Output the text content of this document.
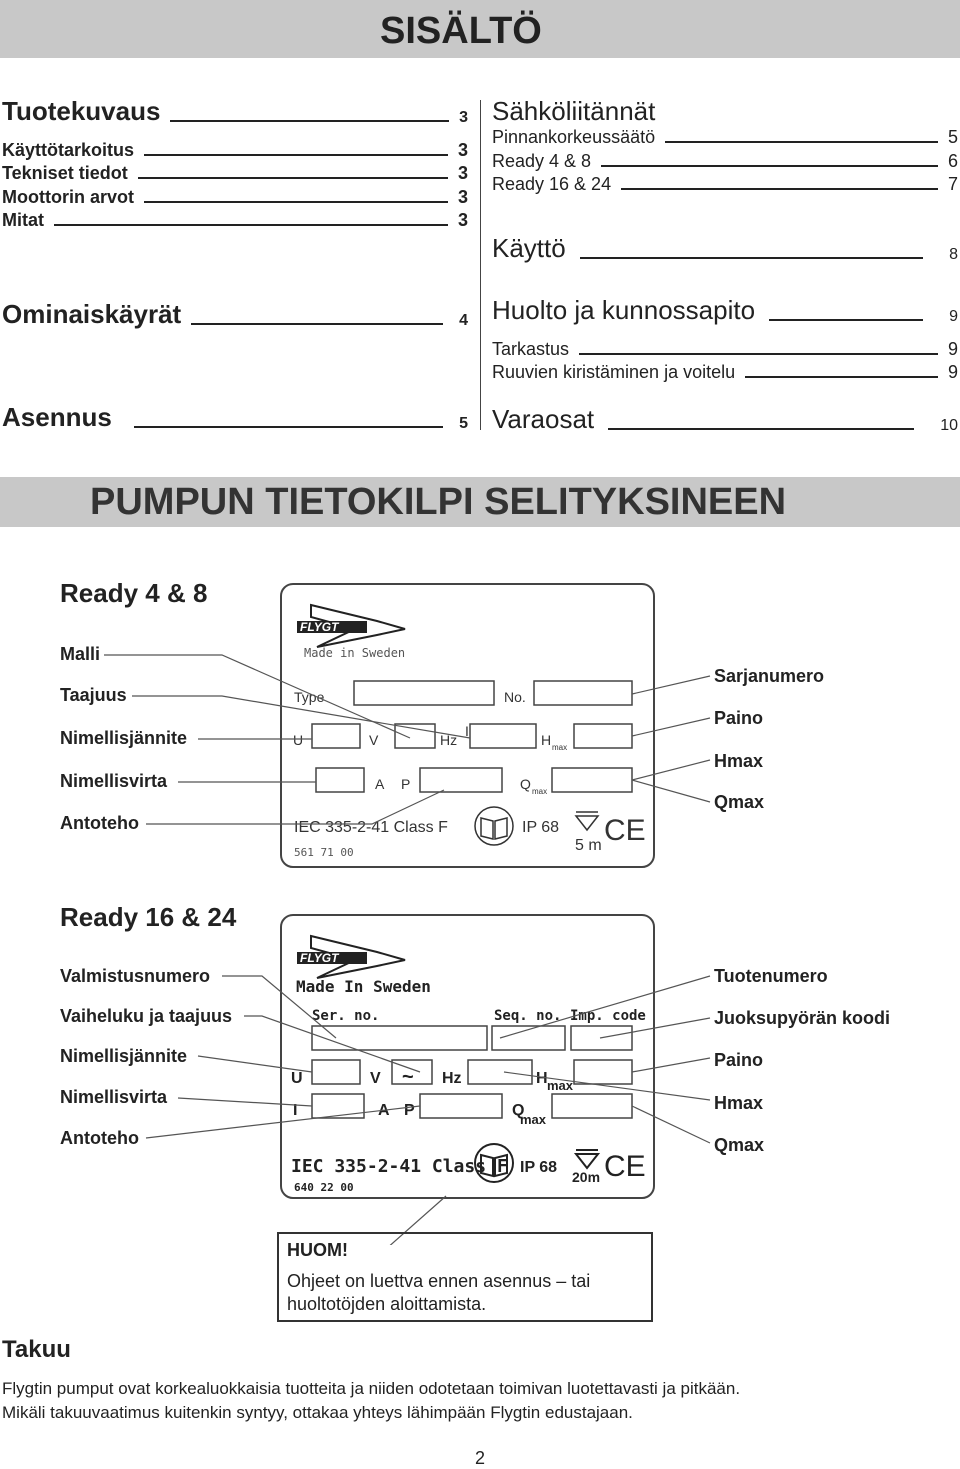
SISÄLTÖ
Tuotekuvaus	3
Käyttötarkoitus	3
Tekniset tiedot	3
Moottorin arvot	3
Mitat	3
Ominaiskäyrät	4
Asennus	5
Sähköliitännät
Pinnankorkeussäätö	5
Ready 4 & 8	6
Ready 16 & 24	7
Käyttö	8
Huolto ja kunnossapito	9
Tarkastus	9
Ruuvien kiristäminen ja voitelu	9
Varaosat	10
PUMPUN TIETOKILPI SELITYKSINEEN
Ready 4 & 8
Malli
Taajuus
Nimellisjännite
Nimellisvirta
Antoteho
Sarjanumero
Paino
Hmax
Qmax
FLYGT
Made in Sweden
Type	No.
U	V	Hz
I
H max
A P	Q max
IEC 335-2-41 Class F	IP 68
5 m CE
561 71 00
Ready 16 & 24
Valmistusnumero
Vaiheluku ja taajuus
Nimellisjännite
Nimellisvirta
Antoteho
Tuotenumero
Juoksupyörän koodi
Paino
Hmax
Qmax
FLYGT
Made In Sweden
Ser. no.	Seq. no. Imp. code
U	V ~ Hz	H max
I	A P	Q
max
IEC 335-2-41 Class F IP 68
20m CE
640 22 00
HUOM!
Ohjeet on luettva ennen asennus – tai
huoltotöjden aloittamista.
Takuu
Flygtin pumput ovat korkealuokkaisia tuotteita ja niiden odotetaan toimivan luotettavasti ja pitkään.
Mikäli takuuvaatimus kuitenkin syntyy, ottakaa yhteys lähimpään Flygtin edustajaan.
2
